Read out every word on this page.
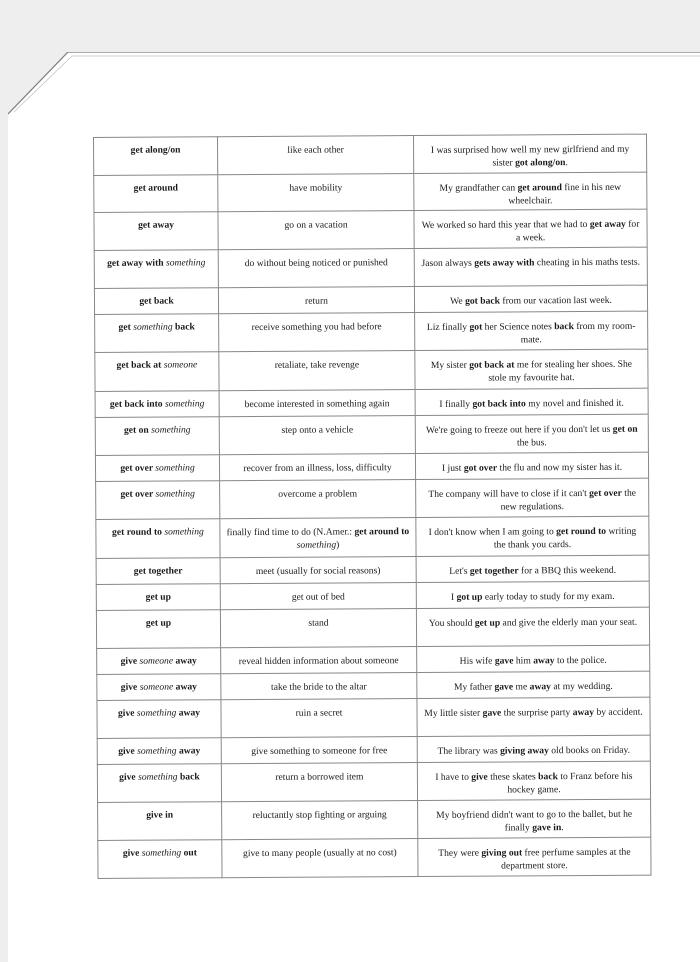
get along/on	like each other	I was surprised how well my new girlfriend and my sister got along/on.
get around	have mobility	My grandfather can get around fine in his new wheelchair.
get away	go on a vacation	We worked so hard this year that we had to get away for a week.
get away with something	do without being noticed or punished	Jason always gets away with cheating in his maths tests.
get back	return	We got back from our vacation last week.
get something back	receive something you had before	Liz finally got her Science notes back from my room-mate.
get back at someone	retaliate, take revenge	My sister got back at me for stealing her shoes. She stole my favourite hat.
get back into something	become interested in something again	I finally got back into my novel and finished it.
get on something	step onto a vehicle	We're going to freeze out here if you don't let us get on the bus.
get over something	recover from an illness, loss, difficulty	I just got over the flu and now my sister has it.
get over something	overcome a problem	The company will have to close if it can't get over the new regulations.
get round to something	finally find time to do (N.Amer.: get around to something)	I don't know when I am going to get round to writing the thank you cards.
get together	meet (usually for social reasons)	Let's get together for a BBQ this weekend.
get up	get out of bed	I got up early today to study for my exam.
get up	stand	You should get up and give the elderly man your seat.
give someone away	reveal hidden information about someone	His wife gave him away to the police.
give someone away	take the bride to the altar	My father gave me away at my wedding.
give something away	ruin a secret	My little sister gave the surprise party away by accident.
give something away	give something to someone for free	The library was giving away old books on Friday.
give something back	return a borrowed item	I have to give these skates back to Franz before his hockey game.
give in	reluctantly stop fighting or arguing	My boyfriend didn't want to go to the ballet, but he finally gave in.
give something out	give to many people (usually at no cost)	They were giving out free perfume samples at the department store.
